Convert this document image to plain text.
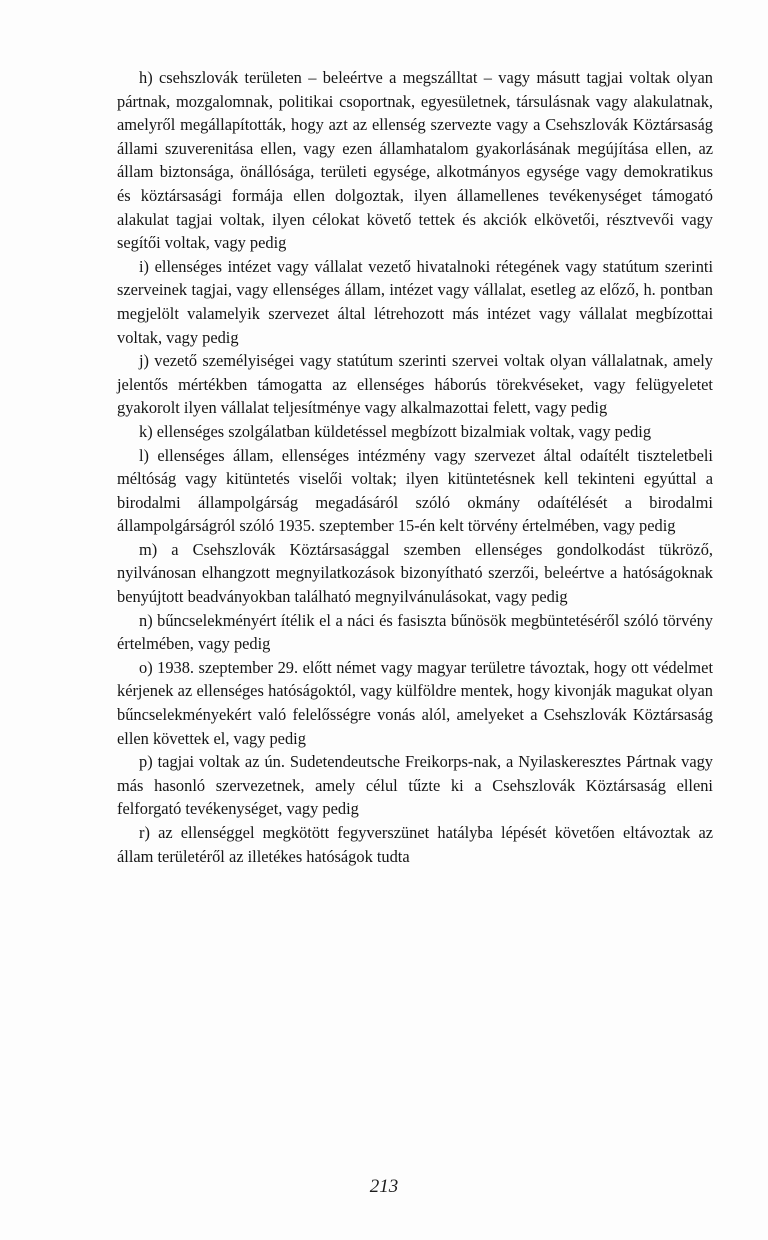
h) csehszlovák területen – beleértve a megszálltat – vagy másutt tagjai voltak olyan pártnak, mozgalomnak, politikai csoportnak, egyesületnek, társulásnak vagy alakulatnak, amelyről megállapították, hogy azt az ellenség szervezte vagy a Csehszlovák Köztársaság állami szuverenitása ellen, vagy ezen államhatalom gyakorlásának megújítása ellen, az állam biztonsága, önállósága, területi egysége, alkotmányos egysége vagy demokratikus és köztársasági formája ellen dolgoztak, ilyen államellenes tevékenységet támogató alakulat tagjai voltak, ilyen célokat követő tettek és akciók elkövetői, résztvevői vagy segítői voltak, vagy pedig

i) ellenséges intézet vagy vállalat vezető hivatalnoki rétegének vagy statútum szerinti szerveinek tagjai, vagy ellenséges állam, intézet vagy vállalat, esetleg az előző, h. pontban megjelölt valamelyik szervezet által létrehozott más intézet vagy vállalat megbízottai voltak, vagy pedig

j) vezető személyiségei vagy statútum szerinti szervei voltak olyan vállalatnak, amely jelentős mértékben támogatta az ellenséges háborús törekvéseket, vagy felügyeletet gyakorolt ilyen vállalat teljesítménye vagy alkalmazottai felett, vagy pedig

k) ellenséges szolgálatban küldetéssel megbízott bizalmiak voltak, vagy pedig

l) ellenséges állam, ellenséges intézmény vagy szervezet által odaítélt tiszteletbeli méltóság vagy kitüntetés viselői voltak; ilyen kitüntetésnek kell tekinteni egyúttal a birodalmi állampolgárság megadásáról szóló okmány odaítélését a birodalmi állampolgárságról szóló 1935. szeptember 15-én kelt törvény értelmében, vagy pedig

m) a Csehszlovák Köztársasággal szemben ellenséges gondolkodást tükröző, nyilvánosan elhangzott megnyilatkozások bizonyítható szerzői, beleértve a hatóságoknak benyújtott beadványokban található megnyilvánulásokat, vagy pedig

n) bűncselekményért ítélik el a náci és fasiszta bűnösök megbüntetéséről szóló törvény értelmében, vagy pedig

o) 1938. szeptember 29. előtt német vagy magyar területre távoztak, hogy ott védelmet kérjenek az ellenséges hatóságoktól, vagy külföldre mentek, hogy kivonják magukat olyan bűncselekményekért való felelősségre vonás alól, amelyeket a Csehszlovák Köztársaság ellen követtek el, vagy pedig

p) tagjai voltak az ún. Sudetendeutsche Freikorps-nak, a Nyilaskeresztes Pártnak vagy más hasonló szervezetnek, amely célul tűzte ki a Csehszlovák Köztársaság elleni felforgató tevékenységet, vagy pedig

r) az ellenséggel megkötött fegyverszünet hatályba lépését követően eltávoztak az állam területéről az illetékes hatóságok tudta

213
